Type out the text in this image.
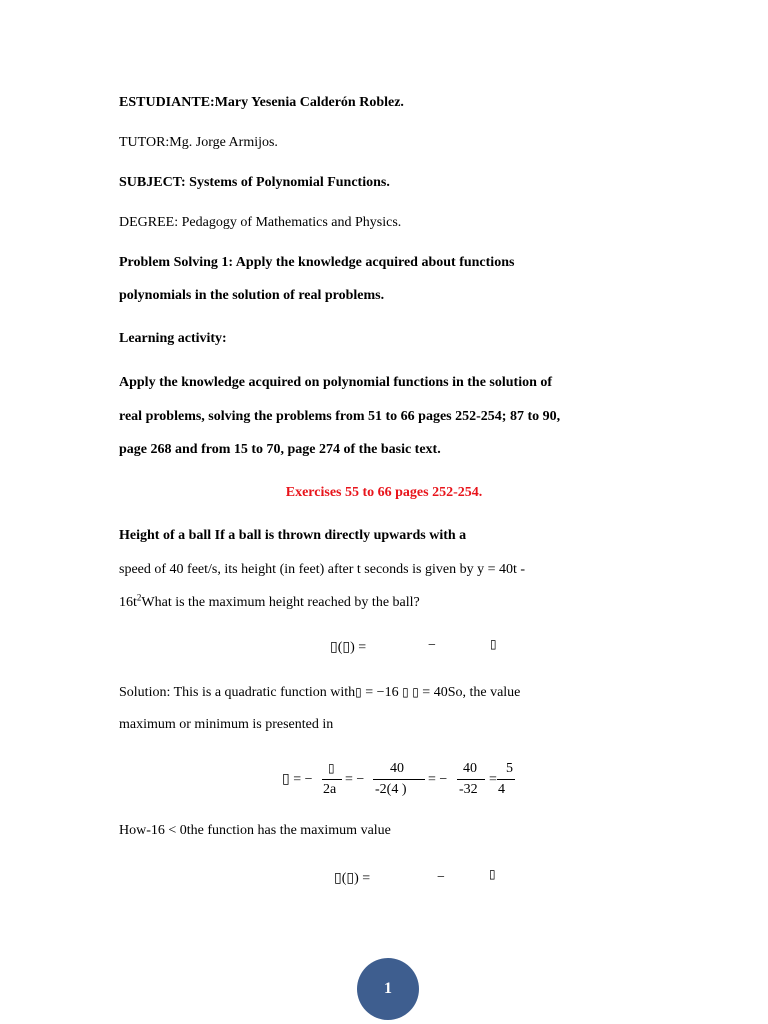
ESTUDIANTE:Mary Yesenia Calderón Roblez.
TUTOR:Mg. Jorge Armijos.
SUBJECT: Systems of Polynomial Functions.
DEGREE: Pedagogy of Mathematics and Physics.
Problem Solving 1: Apply the knowledge acquired about functions
polynomials in the solution of real problems.
Learning activity:
Apply the knowledge acquired on polynomial functions in the solution of
real problems, solving the problems from 51 to 66 pages 252-254; 87 to 90,
page 268 and from 15 to 70, page 274 of the basic text.
Exercises 55 to 66 pages 252-254.
Height of a ball If a ball is thrown directly upwards with a
speed of 40 feet/s, its height (in feet) after t seconds is given by y = 40t -
$16t^2What$ is the maximum height reached by the ball?
▯(▯) =	−	▯
Solution: This is a quadratic function with▯ = −16 ▯ ▯ = 40So, the value
maximum or minimum is presented in
▯ = −
▯
2a
= −
40
-2(4 )
= −
40
-32
=
5
4
How-16 < 0the function has the maximum value
▯(▯) =	−	▯
1
